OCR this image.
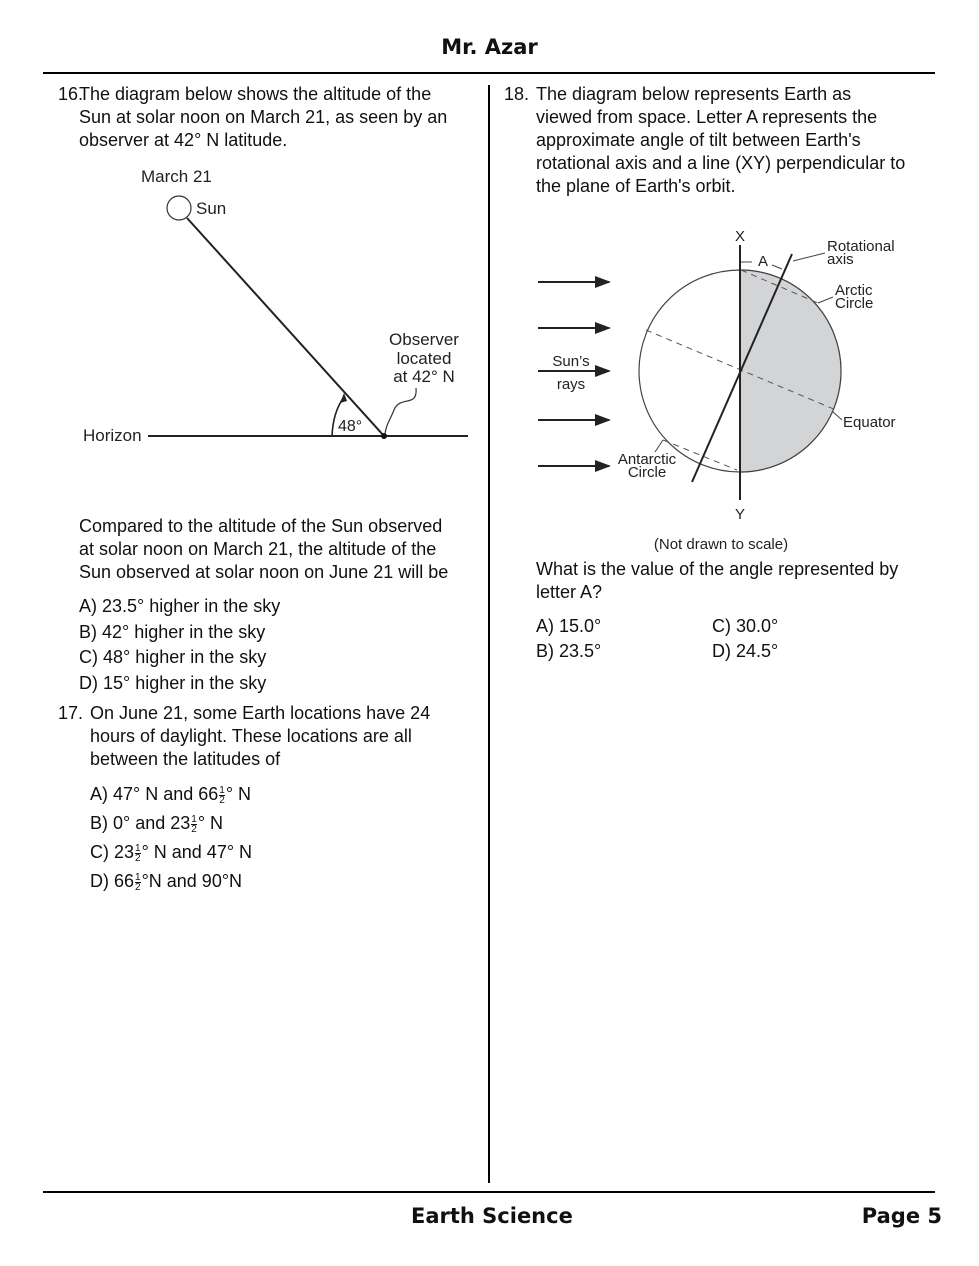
Mr. Azar
Earth Science	Page 5
16.
The diagram below shows the altitude of the
Sun at solar noon on March 21, as seen by an
observer at 42° N latitude.
March 21
Sun
48°
Horizon
Observer
located
at 42° N
Compared to the altitude of the Sun observed
at solar noon on March 21, the altitude of the
Sun observed at solar noon on June 21 will be
A) 23.5° higher in the sky
B) 42° higher in the sky
C) 48° higher in the sky
D) 15° higher in the sky
17. On June 21, some Earth locations have 24
hours of daylight. These locations are all
between the latitudes of
A) 47° N and $66 \frac{1}{2}$ ° N
B) 0° and $23 \frac{1}{2}$ ° N
C) $23 \frac{1}{2}$ ° N and 47° N
D) $66 \frac{1}{2} ^\circ N$ and 90°N
18. The diagram below represents Earth as
viewed from space. Letter A represents the
approximate angle of tilt between Earth's
rotational axis and a line (XY) perpendicular to
the plane of Earth's orbit.
X
Y
A
Rotational
axis
Arctic
Circle
Equator
Antarctic
Circle
Sun’s
rays
(Not drawn to scale)
What is the value of the angle represented by
letter A?
A) 15.0°	C) 30.0°
B) 23.5°	D) 24.5°
